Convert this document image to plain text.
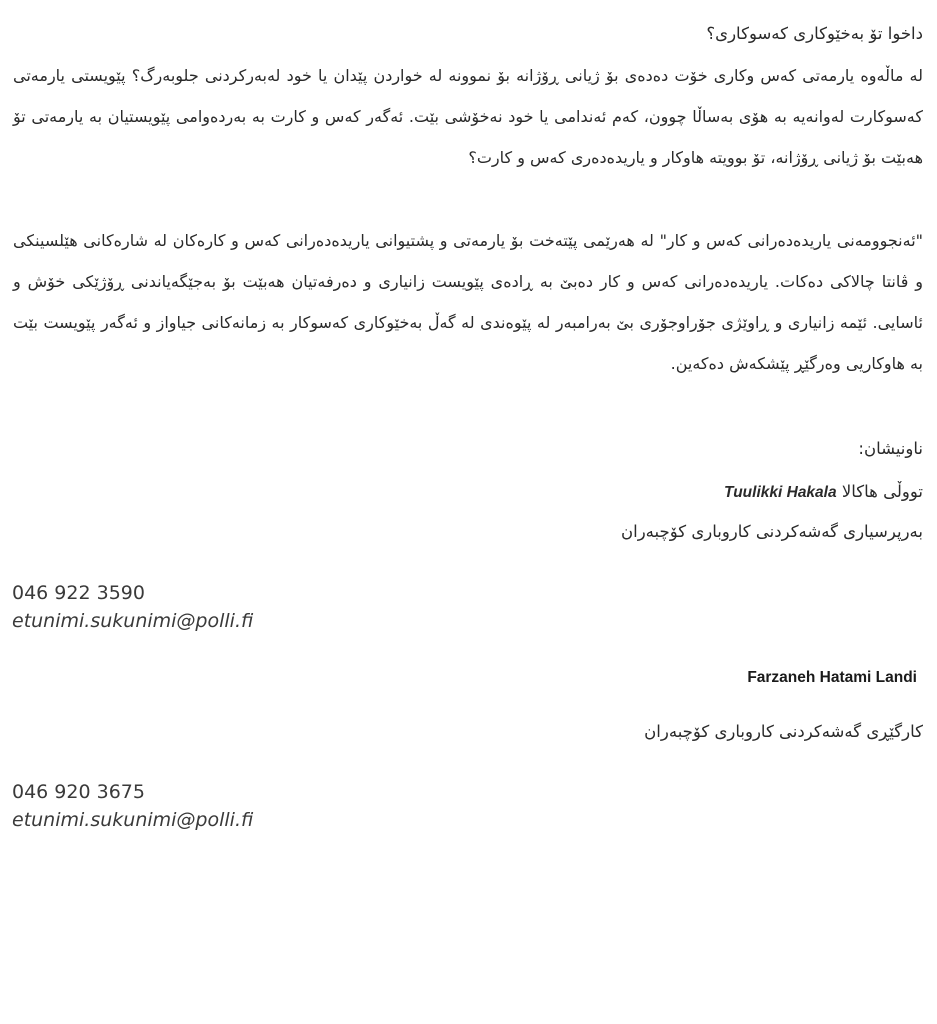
داخوا تۆ بەخێوکاری کەسوکاری؟
لە ماڵەوە یارمەتی کەس وکاری خۆت دەدەی بۆ ژیانی ڕۆژانە بۆ نموونە لە خواردن پێدان یا خود لەبەرکردنی جلوبەرگ؟ پێویستی یارمەتی کەسوکارت لەوانەیە بە هۆی بەساڵا چوون، کەم ئەندامی یا خود نەخۆشی بێت. ئەگەر کەس و کارت بە بەردەوامی پێویستیان بە یارمەتی تۆ هەبێت بۆ ژیانی ڕۆژانە، تۆ بوویتە هاوکار و یاریدەدەری کەس و کارت؟
"ئەنجوومەنی یاریدەدەرانی کەس و کار" لە هەرێمی پێتەخت بۆ یارمەتی و پشتیوانی یاریدەدەرانی کەس و کارەکان لە شارەکانی هێلسینکی و ڤانتا چالاکی دەکات. یاریدەدەرانی کەس و کار دەبێ بە ڕادەی پێویست زانیاری و دەرفەتیان هەبێت بۆ بەجێگەیاندنی ڕۆژێکی خۆش و ئاسایی. ئێمە زانیاری و ڕاوێژی جۆراوجۆری بێ بەرامبەر لە پێوەندی لە گەڵ بەخێوکاری کەسوکار بە زمانەکانی جیاواز و ئەگەر پێویست بێت بە هاوکاریی وەرگێڕ پێشکەش دەکەین.
ناونیشان:
تووڵی هاکالا Tuulikki Hakala
بەرپرسیاری گەشەکردنی کاروباری کۆچبەران
046 922 3590
etunimi.sukunimi@polli.fi
Farzaneh Hatami Landi
کارگێڕی گەشەکردنی کاروباری کۆچبەران
046 920 3675
etunimi.sukunimi@polli.fi
